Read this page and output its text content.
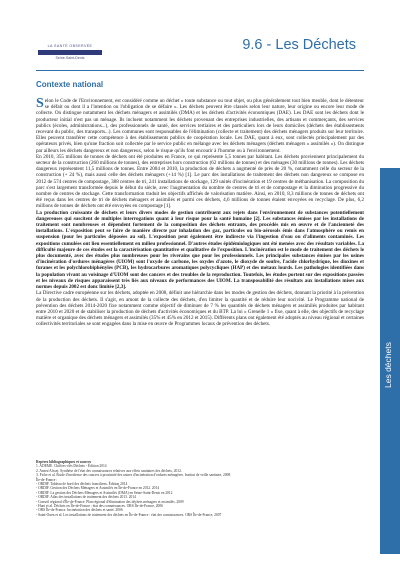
LA SANTÉ OBSERVÉE
Seine-Saint-Denis
9.6 - Les Déchets
Contexte national

Selon le Code de l'Environnement, est considéré comme un déchet « toute substance ou tout objet, ou plus généralement tout bien meuble, dont le détenteur se défait ou dont il a l'intention ou l'obligation de se défaire ». Les déchets peuvent être classés selon leur nature, leur origine ou encore leur mode de collecte. On distingue notamment les déchets ménagers et assimilés (DMA) et les déchets d'activités économiques (DAE). Les DAE sont les déchets dont le producteur initial n'est pas un ménage. Ils incluent notamment les déchets provenant des entreprises industrielles, des artisans et commerçants, des services publics (écoles, administrations...), des professionnels de santé, des services tertiaires et des particuliers lors de leurs domiciles (déchets des établissements recevant du public, des transports...). Les communes sont responsables de l'élimination (collecte et traitement) des déchets ménagers produits sur leur territoire. Elles peuvent transférer cette compétence à des établissements publics de coopération locale. Les DAE, quant à eux, sont collectés principalement par des opérateurs privés, bien qu'une fraction soit collectée par le service public en mélange avec les déchets ménagers (déchets ménagers « assimilés »). On distingue par ailleurs les déchets dangereux et non dangereux, selon le risque qu'ils font encourir à l'homme ou à l'environnement.

En 2010, 355 millions de tonnes de déchets ont été produites en France, ce qui représente 5,5 tonnes par habitant. Les déchets proviennent principalement du secteur de la construction (260 millions de tonnes), des entreprises hors construction (62 millions de tonnes) et des ménages (30 millions de tonnes). Les déchets dangereux représentent 11,5 millions de tonnes. Entre 2004 et 2010, la production de déchets a augmenté de près de 20 %, notamment celle du secteur de la construction (+ 24 %), mais aussi celle des déchets ménagers (+14 %) [1]. Le parc des installations de traitement des déchets non dangereux se compose en 2012 de 574 centres de compostage, 388 centres de tri, 241 installations de stockage, 129 unités d'incinération et 19 centres de méthanisation. La composition du parc s'est largement transformée depuis le début du siècle, avec l'augmentation du nombre de centres de tri et de compostage et la diminution progressive du nombre de centres de stockage. Cette transformation traduit les objectifs affichés de valorisation matière. Ainsi, en 2010, 8,3 millions de tonnes de déchets ont été reçus dans les centres de tri de déchets ménagers et assimilés et parmi ces déchets, 4,6 millions de tonnes étaient envoyées en recyclage. De plus, 6,2 millions de tonnes de déchets ont été envoyées en compostage [1].

La production croissante de déchets et leurs divers modes de gestion contribuent aux rejets dans l'environnement de substances potentiellement dangereuses qui suscitent de multiples interrogations quant à leur risque pour la santé humaine [2]. Les substances émises par les installations de traitement sont nombreuses et dépendent fortement de la composition des déchets entrants, des procédés mis en œuvre et de l'ancienneté des installations. L'exposition peut se faire de manière directe par inhalation des gaz, particules ou bio-aérosols émis dans l'atmosphère ou remis en suspension (pour les particules déposées au sol). L'exposition peut également être indirecte via l'ingestion d'eau ou d'aliments contaminés. Les expositions cumulées ont lieu essentiellement en milieu professionnel. D'autres études épidémiologiques ont été menées avec des résultats variables. La difficulté majeure de ces études est la caractérisation quantitative et qualitative de l'exposition. L'incinération est le mode de traitement des déchets le plus documenté, avec des études plus nombreuses pour les riverains que pour les professionnels. Les principales substances émises par les usines d'incinération d'ordures ménagères (UIOM) sont l'oxyde de carbone, les oxydes d'azote, le dioxyde de soufre, l'acide chlorhydrique, les dioxines et furanes et les polychlorobiphényles (PCB), les hydrocarbures aromatiques polycycliques (HAP) et des métaux lourds. Les pathologies identifiées dans la population vivant au voisinage d'UIOM sont des cancers et des troubles de la reproduction. Toutefois, les études portent sur des expositions passées et les niveaux de risques apparaissent très liés aux niveaux de performances des UIOM. La transposabilité des résultats aux installations mises aux normes depuis 2002 est donc limitée [2,3].

La Directive cadre européenne sur les déchets, adoptée en 2008, définit une hiérarchie dans les modes de gestion des déchets, donnant la priorité à la prévention de la production des déchets. Il s'agit, en amont de la collecte des déchets, d'en limiter la quantité et de réduire leur nocivité. Le Programme national de prévention des déchets 2014-2020 fixe notamment comme objectif de diminuer de 7 % les quantités de déchets ménagers et assimilés produites par habitant entre 2010 et 2020 et de stabiliser la production de déchets d'activités économiques et du BTP. La loi « Grenelle 1 » fixe, quant à elle, des objectifs de recyclage matière et organique des déchets ménagers et assimilés (35% et 45% en 2012 et 2015). Différents plans ont également été adoptés au niveau régional et certaines collectivités territoriales se sont engagées dans la mise en œuvre de Programmes locaux de prévention des déchets.

Repères bibliographiques et sources

1. ADEME. Chiffres-clés Déchets - Édition 2014

2. Anses/Afsset. Synthèse de l'état des connaissances relatives aux effets sanitaires des déchets, 2012.

3. Fiche et al. Étude d'incidence des cancers à proximité des usines d'incinération d'ordures ménagères. Institut de veille sanitaire, 2008

Île-de-France :

- ORDIF. Tableau de bord des déchets franciliens. Édition 2014

- ORDIF. Gestion des Déchets Ménagers et Assimilés en Île-de-France en 2012. 2014

- ORDIF. La gestion des Déchets Ménagers et Assimilés (DMA) en Seine-Saint-Denis en 2012

- ORDIF. Atlas des installations de traitement des déchets 2013. 2014

- Conseil régional d'Île-de-France. Plan régional d'élimination des déchets ménagers et assimilés. 2009

- Huet et al. Déchets en Île-de-France : état des connaissances. ORS Île-de-France, 2006

- ORS Île-de-France. Incinération des déchets et santé. 2006

- Saint-Ouen et al. Les installations de traitement des déchets en Île-de-France : état des connaissances. ORS Île-de-France, 2007

Les déchets
